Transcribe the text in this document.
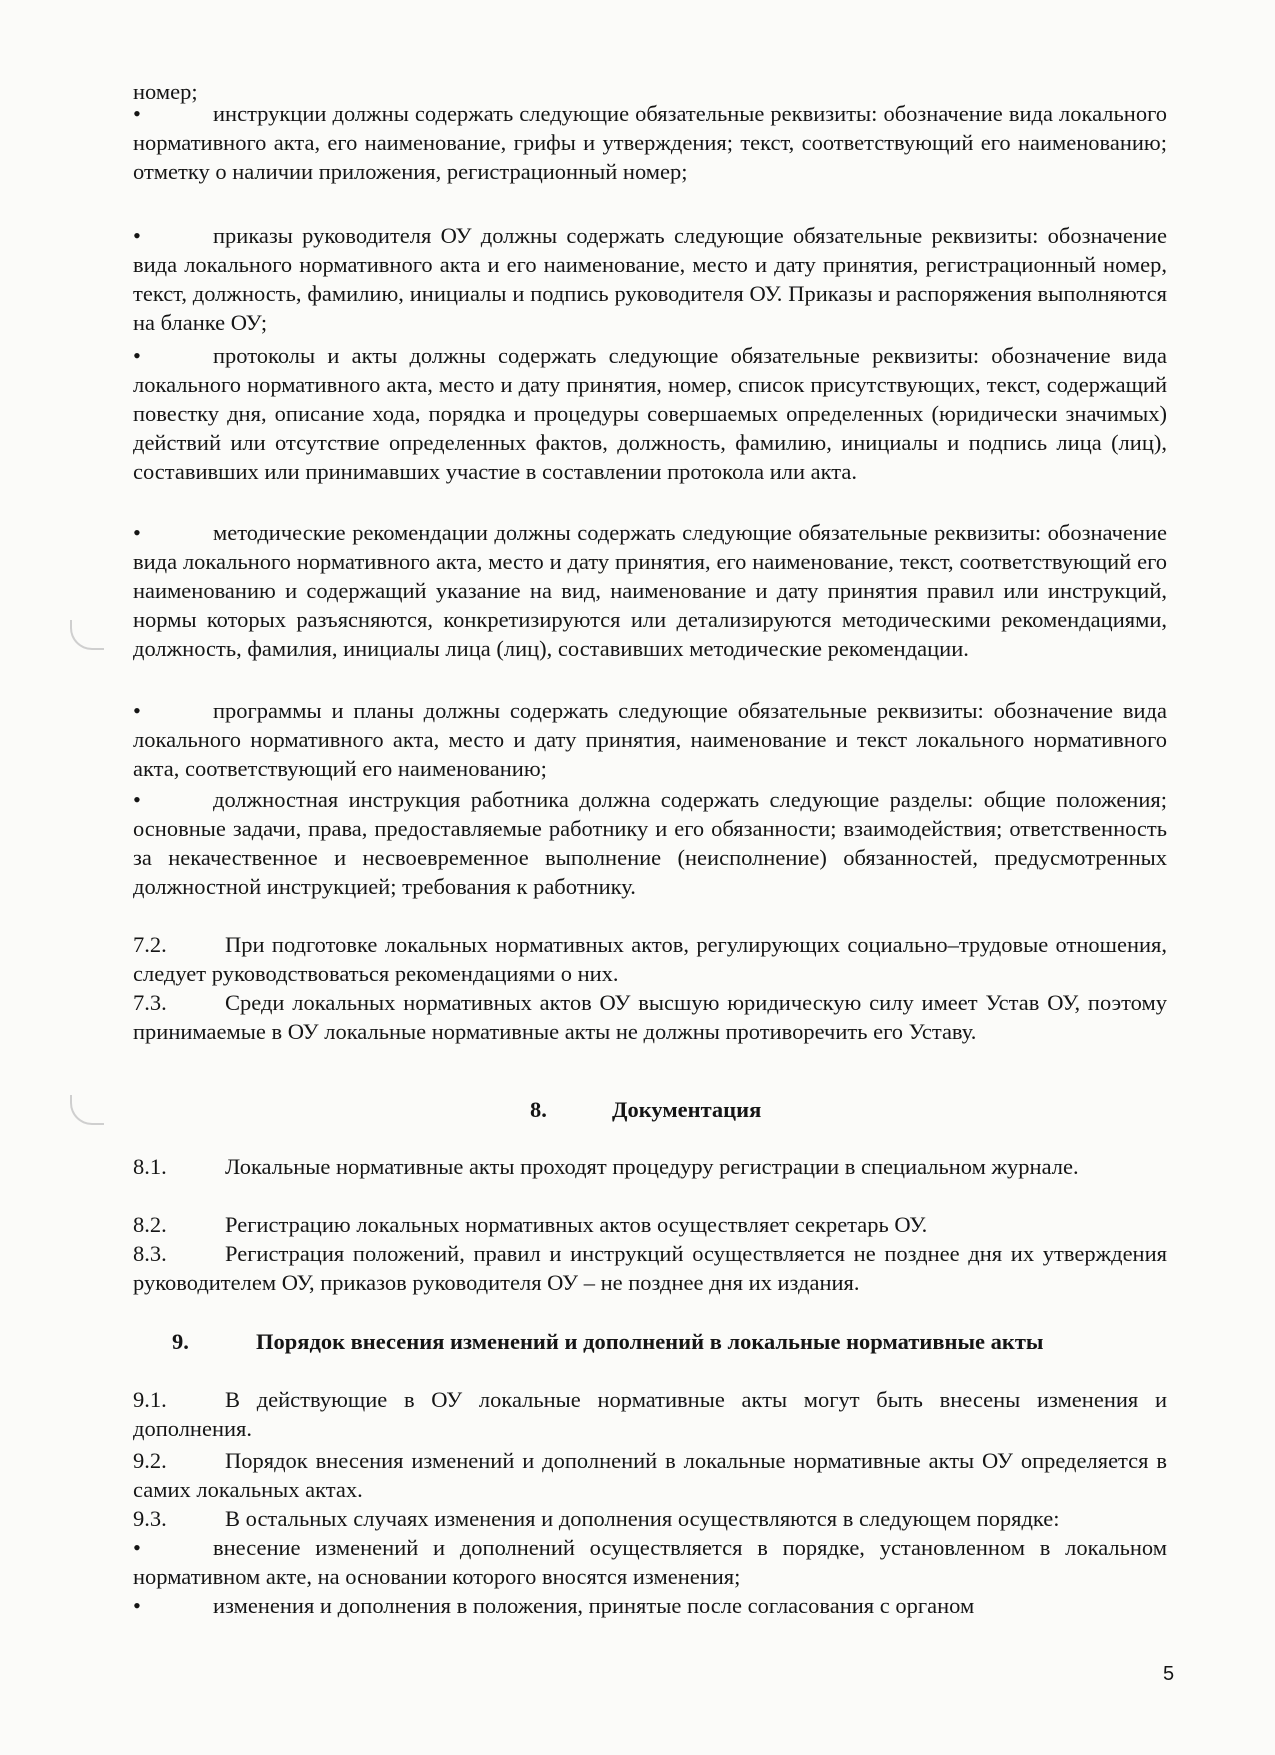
номер;
•	инструкции должны содержать следующие обязательные реквизиты: обозначение вида локального нормативного акта, его наименование, грифы и утверждения; текст, соответствующий его наименованию; отметку о наличии приложения, регистрационный номер;
•	приказы руководителя ОУ должны содержать следующие обязательные реквизиты: обозначение вида локального нормативного акта и его наименование, место и дату принятия, регистрационный номер, текст, должность, фамилию, инициалы и подпись руководителя ОУ. Приказы и распоряжения выполняются на бланке ОУ;
•	протоколы и акты должны содержать следующие обязательные реквизиты: обозначение вида локального нормативного акта, место и дату принятия, номер, список присутствующих, текст, содержащий повестку дня, описание хода, порядка и процедуры совершаемых определенных (юридически значимых) действий или отсутствие определенных фактов, должность, фамилию, инициалы и подпись лица (лиц), составивших или принимавших участие в составлении протокола или акта.
•	методические рекомендации должны содержать следующие обязательные реквизиты: обозначение вида локального нормативного акта, место и дату принятия, его наименование, текст, соответствующий его наименованию и содержащий указание на вид, наименование и дату принятия правил или инструкций, нормы которых разъясняются, конкретизируются или детализируются методическими рекомендациями, должность, фамилия, инициалы лица (лиц), составивших методические рекомендации.
•	программы и планы должны содержать следующие обязательные реквизиты: обозначение вида локального нормативного акта, место и дату принятия, наименование и текст локального нормативного акта, соответствующий его наименованию;
•	должностная инструкция работника должна содержать следующие разделы: общие положения; основные задачи, права, предоставляемые работнику и его обязанности; взаимодействия; ответственность за некачественное и несвоевременное выполнение (неисполнение) обязанностей, предусмотренных должностной инструкцией; требования к работнику.
7.2.	При подготовке локальных нормативных актов, регулирующих социально–трудовые отношения, следует руководствоваться рекомендациями о них.
7.3.	Среди локальных нормативных актов ОУ высшую юридическую силу имеет Устав ОУ, поэтому принимаемые в ОУ локальные нормативные акты не должны противоречить его Уставу.
8.	Документация
8.1.	Локальные нормативные акты проходят процедуру регистрации в специальном журнале.
8.2.	Регистрацию локальных нормативных актов осуществляет секретарь ОУ.
8.3.	Регистрация положений, правил и инструкций осуществляется не позднее дня их утверждения руководителем ОУ, приказов руководителя ОУ – не позднее дня их издания.
9.	Порядок внесения изменений и дополнений в локальные нормативные акты
9.1.	В действующие в ОУ локальные нормативные акты могут быть внесены изменения и дополнения.
9.2.	Порядок внесения изменений и дополнений в локальные нормативные акты ОУ определяется в самих локальных актах.
9.3.	В остальных случаях изменения и дополнения осуществляются в следующем порядке:
•	внесение изменений и дополнений осуществляется в порядке, установленном в локальном нормативном акте, на основании которого вносятся изменения;
•	изменения и дополнения в положения, принятые после согласования с органом
5
